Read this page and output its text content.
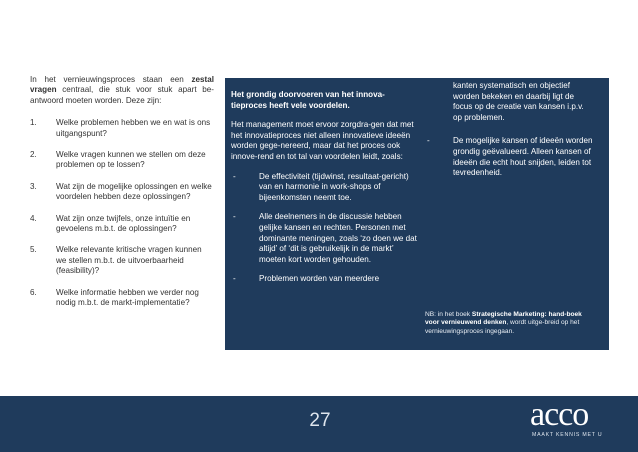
In het vernieuwingsproces staan een zestal vragen centraal, die stuk voor stuk apart be-antwoord moeten worden. Deze zijn:

1.	Welke problemen hebben we en wat is ons uitgangspunt?
2.	Welke vragen kunnen we stellen om deze problemen op te lossen?
3.	Wat zijn de mogelijke oplossingen en welke voordelen hebben deze oplossingen?
4.	Wat zijn onze twijfels, onze intuïtie en gevoelens m.b.t. de oplossingen?
5.	Welke relevante kritische vragen kunnen we stellen m.b.t. de uitvoerbaarheid (feasibility)?
6.	Welke informatie hebben we verder nog nodig m.b.t. de markt-implementatie?

Het grondig doorvoeren van het innova-tieproces heeft vele voordelen.

Het management moet ervoor zorgdra-gen dat met het innovatieproces niet alleen innovatieve ideeën worden gege-nereerd, maar dat het proces ook innove-rend en tot tal van voordelen leidt, zoals:

-	De effectiviteit (tijdwinst, resultaat-gericht) van en harmonie in work-shops of bijeenkomsten neemt toe.
-	Alle deelnemers in de discussie hebben gelijke kansen en rechten. Personen met dominante meningen, zoals ‘zo doen we dat altijd’ of ‘dit is gebruikelijk in de markt’ moeten kort worden gehouden.
-	Problemen worden van meerdere

kanten systematisch en objectief worden bekeken en daarbij ligt de focus op de creatie van kansen i.p.v. op problemen.

-	De mogelijke kansen of ideeën worden grondig geëvalueerd. Alleen kansen of ideeën die echt hout snijden, leiden tot tevredenheid.

NB: in het boek Strategische Marketing: hand-boek voor vernieuwend denken, wordt uitge-breid op het vernieuwingsproces ingegaan.

27	acco
MAAKT KENNIS MET U
